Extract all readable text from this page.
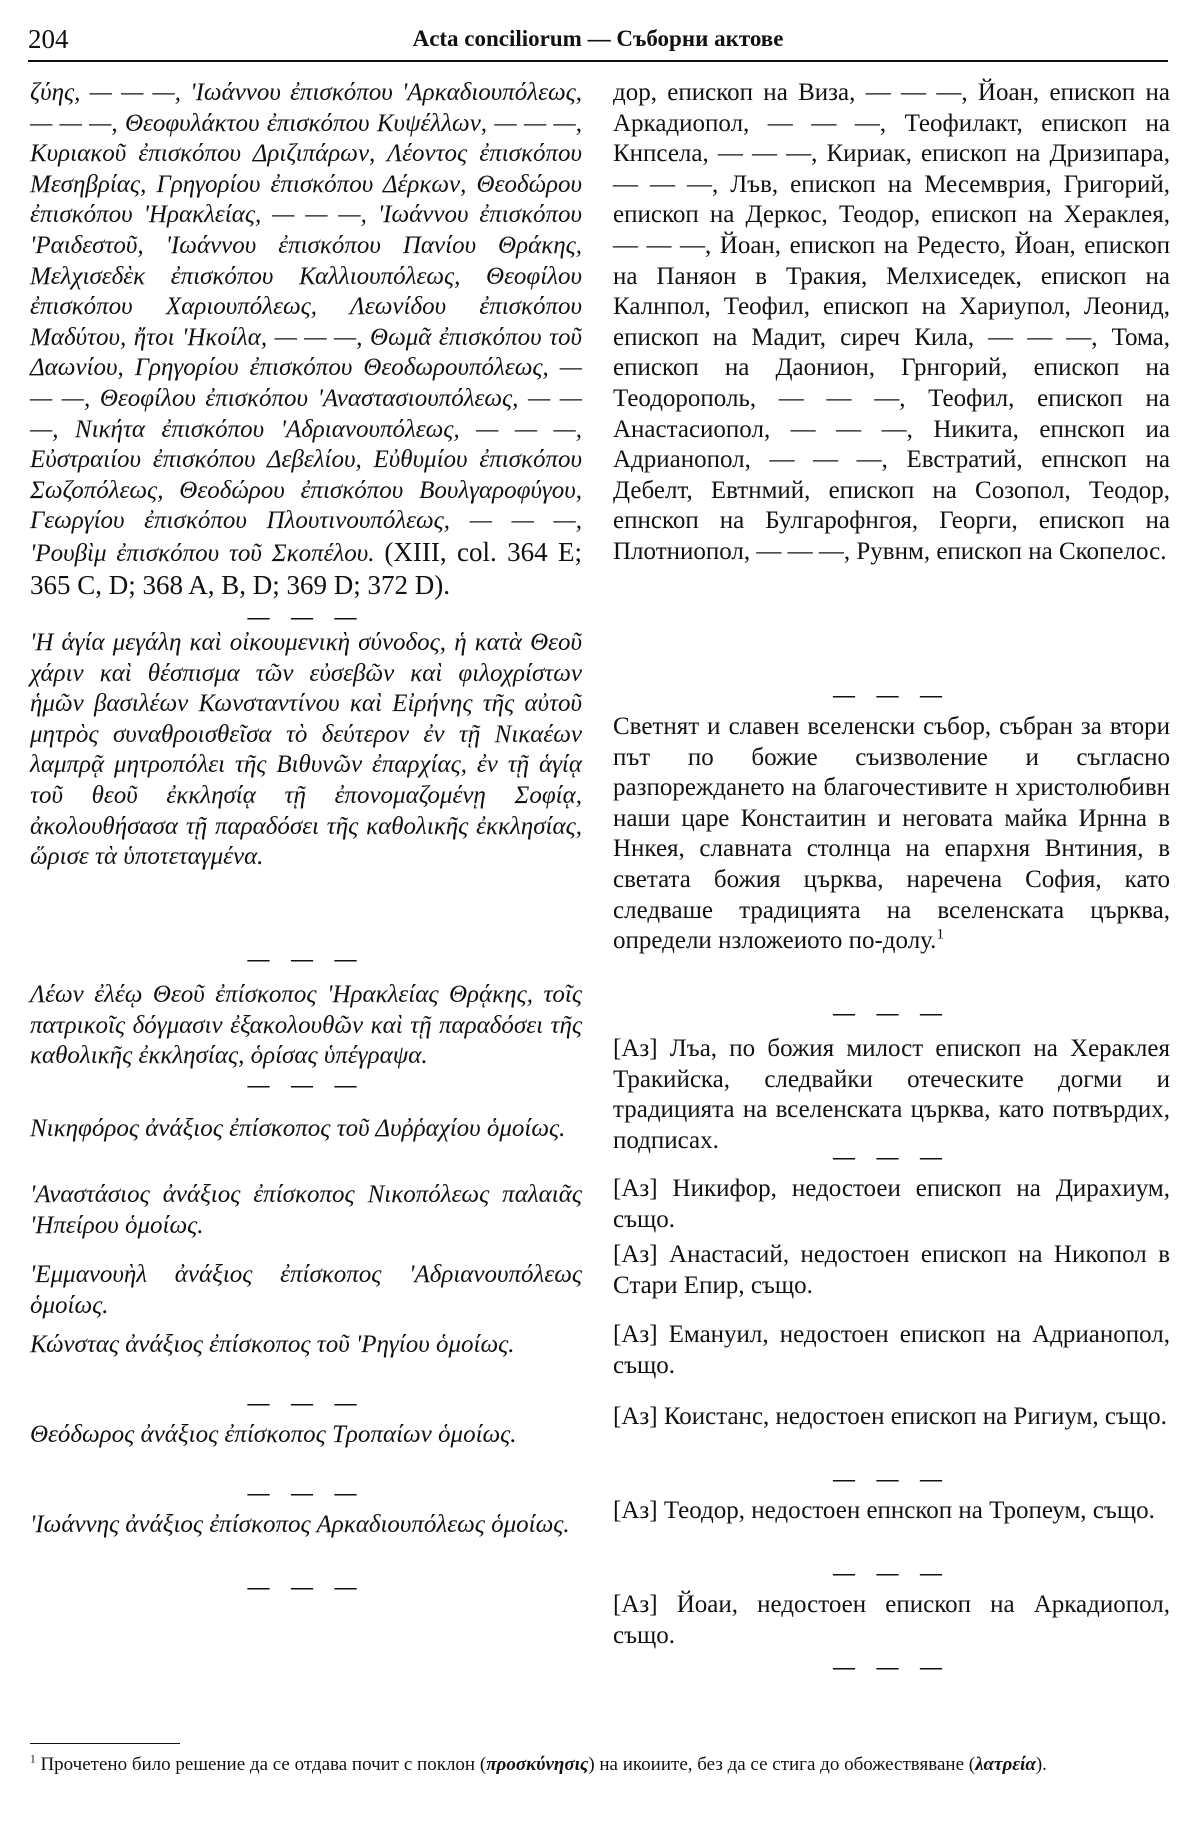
204	Acta conciliorum — Съборни актове
ζύης, — — —, 'Ιωάννου ἐπισκόπου 'Αρκαδιουπόλεως, — — —, Θεοφυλάκτου ἐπισκόπου Κυψέλλων, — — —, Κυριακοῦ ἐπισκόπου Δριζιπάρων, Λέοντος ἐπισκόπου Μεσηβρίας, Γρηγορίου ἐπισκόπου Δέρκων, Θεοδώρου ἐπισκόπου 'Ηρακλείας, — — —, 'Ιωάννου ἐπισκόπου 'Ραιδεστοῦ, 'Ιωάννου ἐπισκόπου Πανίου Θράκης, Μελχισεδὲκ ἐπισκόπου Καλλιουπόλεως, Θεοφίλου ἐπισκόπου Χαριουπόλεως, Λεωνίδου ἐπισκόπου Μαδύτου, ἤτοι 'Ηκοίλα, — — —, Θωμᾶ ἐπισκόπου τοῦ Δαωνίου, Γρηγορίου ἐπισκόπου Θεοδωρουπόλεως, — — —, Θεοφίλου ἐπισκόπου 'Αναστασιουπόλεως, — — —, Νικήτα ἐπισκόπου 'Αδριανουπόλεως, — — —, Εὐστραιίου ἐπισκόπου Δεβελίου, Εὐθυμίου ἐπισκόπου Σωζοπόλεως, Θεοδώρου ἐπισκόπου Βουλγαροφύγου, Γεωργίου ἐπισκόπου Πλουτινουπόλεως, — — —, 'Ρουβὶμ ἐπισκόπου τοῦ Σκοπέλου. (XIII, col. 364 E; 365 C, D; 368 A, B, D; 369 D; 372 D).
— — —
'Η ἁγία μεγάλη καὶ οἰκουμενικὴ σύνοδος, ἡ κατὰ Θεοῦ χάριν καὶ θέσπισμα τῶν εὐσεβῶν καὶ φιλοχρίστων ἡμῶν βασιλέων Κωνσταντίνου καὶ Εἰρήνης τῆς αὐτοῦ μητρὸς συναθροισθεῖσα τὸ δεύτερον ἐν τῇ Νικαέων λαμπρᾷ μητροπόλει τῆς Βιθυνῶν ἐπαρχίας, ἐν τῇ ἁγίᾳ τοῦ θεοῦ ἐκκλησίᾳ τῇ ἐπονομαζομένῃ Σοφίᾳ, ἀκολουθήσασα τῇ παραδόσει τῆς καθολικῆς ἐκκλησίας, ὥρισε τὰ ὑποτεταγμένα.
— — —
Λέων ἐλέῳ Θεοῦ ἐπίσκοπος 'Ηρακλείας Θρᾴκης, τοῖς πατρικοῖς δόγμασιν ἐξακολουθῶν καὶ τῇ παραδόσει τῆς καθολικῆς ἐκκλησίας, ὁρίσας ὑπέγραψα.
— — —
Νικηφόρος ἀνάξιος ἐπίσκοπος τοῦ Δυῤῥαχίου ὁμοίως.
'Αναστάσιος ἀνάξιος ἐπίσκοπος Νικοπόλεως παλαιᾶς 'Ηπείρου ὁμοίως.
'Εμμανουὴλ ἀνάξιος ἐπίσκοπος 'Αδριανουπόλεως ὁμοίως.
Κώνστας ἀνάξιος ἐπίσκοπος τοῦ 'Ρηγίου ὁμοίως.
— — —
Θεόδωρος ἀνάξιος ἐπίσκοπος Τροπαίων ὁμοίως.
— — —
'Ιωάννης ἀνάξιος ἐπίσκοπος Αρκαδιουπόλεως ὁμοίως.
— — —
дор, епископ на Виза, — — —, Йоан, епископ на Аркадиопол, — — —, Теофилакт, епископ на Кнпсела, — — —, Кириак, епископ на Дризипара, — — —, Лъв, епископ на Месемврия, Григорий, епископ на Деркос, Теодор, епископ на Хераклея, — — —, Йоан, епископ на Редесто, Йоан, епископ на Паняон в Тракия, Мелхиседек, епископ на Калнпол, Теофил, епископ на Хариупол, Леонид, епископ на Мадит, сиреч Кила, — — —, Тома, епископ на Даонион, Грнгорий, епископ на Теодорополь, — — —, Теофил, епископ на Анастасиопол, — — —, Никита, епнскоп иа Адрианопол, — — —, Евстратий, епнскоп на Дебелт, Евтнмий, епископ на Созопол, Теодор, епнскоп на Булгарофнгоя, Георги, епископ на Плотниопол, — — —, Рувнм, епископ на Скопелос.
— — —
Светнят и славен вселенски събор, събран за втори път по божие съизволение и съгласно разпореждането на благочестивите н христолюбивн наши царе Констаитин и неговата майка Ирнна в Ннкея, славната столнца на епархня Внтиния, в светата божия църква, наречена София, като следваше традицията на вселенската църква, определи нзложеиото по-долу.$^1$
— — —
[Аз] Лъа, по божия милост епископ на Хераклея Тракийска, следвайки отеческите догми и традицията на вселенската църква, като потвърдих, подписах.
— — —
[Аз] Никифор, недостоеи епископ на Дирахиум, също.
[Аз] Анастасий, недостоен епископ на Никопол в Стари Епир, също.
[Аз] Емануил, недостоен епископ на Адрианопол, също.
[Аз] Коистанс, недостоен епископ на Ригиум, също.
— — —
[Аз] Теодор, недостоен епнскоп на Тропеум, също.
— — —
[Аз] Йоаи, недостоен епископ на Аркадиопол, също.
— — —
$^1$ Прочетено било решение да се отдава почит с поклон (προσκύνησις) на икоиите, без да се стига до обожествяване (λατρεία).
